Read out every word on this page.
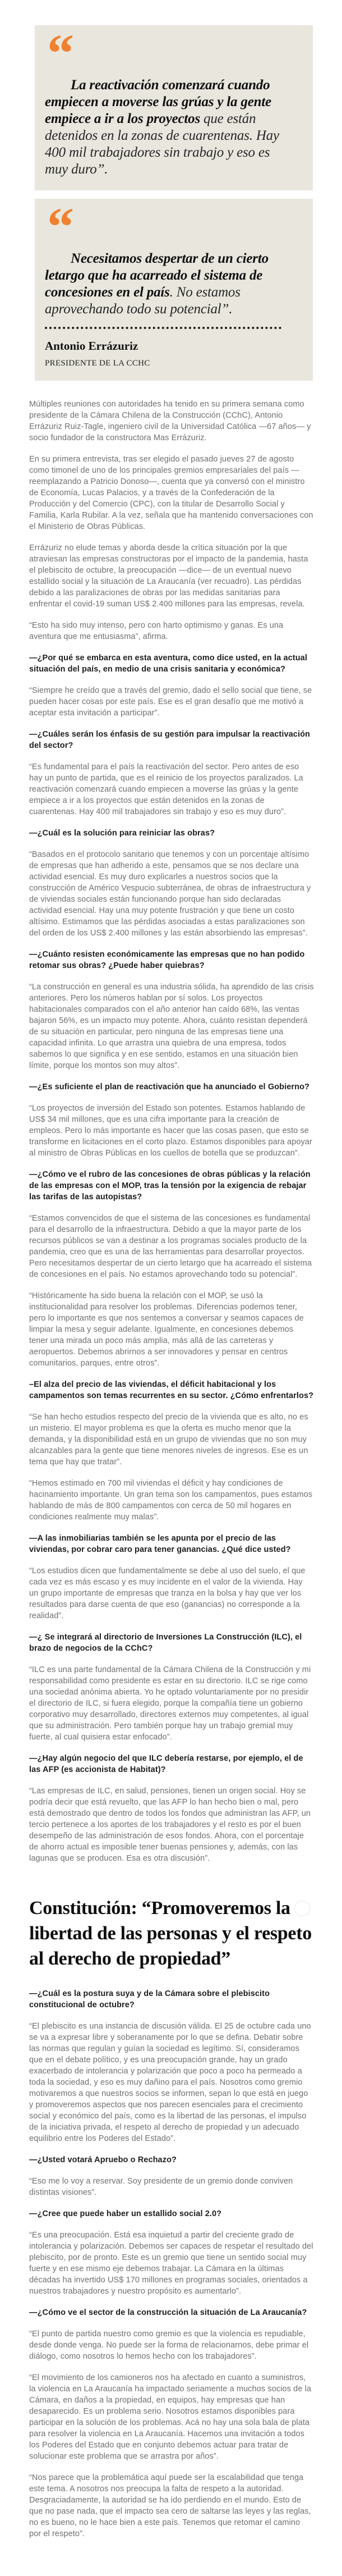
“

La reactivación comenzará cuando empiecen a moverse las grúas y la gente empiece a ir a los proyectos que están detenidos en la zonas de cuarentenas. Hay 400 mil trabajadores sin trabajo y eso es muy duro”.

“

Necesitamos despertar de un cierto letargo que ha acarreado el sistema de concesiones en el país. No estamos aprovechando todo su potencial”.

Antonio Errázuriz

PRESIDENTE DE LA CCHC

Múltiples reuniones con autoridades ha tenido en su primera semana como presidente de la Cámara Chilena de la Construcción (CChC), Antonio Errázuriz Ruiz-Tagle, ingeniero civil de la Universidad Católica —67 años— y socio fundador de la constructora Mas Errázuriz.

En su primera entrevista, tras ser elegido el pasado jueves 27 de agosto como timonel de uno de los principales gremios empresariales del país —reemplazando a Patricio Donoso—, cuenta que ya conversó con el ministro de Economía, Lucas Palacios, y a través de la Confederación de la Producción y del Comercio (CPC), con la titular de Desarrollo Social y Familia, Karla Rubilar. A la vez, señala que ha mantenido conversaciones con el Ministerio de Obras Públicas.

Errázuriz no elude temas y aborda desde la crítica situación por la que atraviesan las empresas constructoras por el impacto de la pandemia, hasta el plebiscito de octubre, la preocupación —dice— de un eventual nuevo estallido social y la situación de La Araucanía (ver recuadro). Las pérdidas debido a las paralizaciones de obras por las medidas sanitarias para enfrentar el covid-19 suman US$ 2.400 millones para las empresas, revela.

“Esto ha sido muy intenso, pero con harto optimismo y ganas. Es una aventura que me entusiasma”, afirma.

—¿Por qué se embarca en esta aventura, como dice usted, en la actual situación del país, en medio de una crisis sanitaria y económica?

“Siempre he creído que a través del gremio, dado el sello social que tiene, se pueden hacer cosas por este país. Ese es el gran desafío que me motivó a aceptar esta invitación a participar”.

—¿Cuáles serán los énfasis de su gestión para impulsar la reactivación del sector?

“Es fundamental para el país la reactivación del sector. Pero antes de eso hay un punto de partida, que es el reinicio de los proyectos paralizados. La reactivación comenzará cuando empiecen a moverse las grúas y la gente empiece a ir a los proyectos que están detenidos en la zonas de cuarentenas. Hay 400 mil trabajadores sin trabajo y eso es muy duro”.

—¿Cuál es la solución para reiniciar las obras?

“Basados en el protocolo sanitario que tenemos y con un porcentaje altísimo de empresas que han adherido a este, pensamos que se nos declare una actividad esencial. Es muy duro explicarles a nuestros socios que la construcción de Américo Vespucio subterránea, de obras de infraestructura y de viviendas sociales están funcionando porque han sido declaradas actividad esencial. Hay una muy potente frustración y que tiene un costo altísimo. Estimamos que las pérdidas asociadas a estas paralizaciones son del orden de los US$ 2.400 millones y las están absorbiendo las empresas”.

—¿Cuánto resisten económicamente las empresas que no han podido retomar sus obras? ¿Puede haber quiebras?

“La construcción en general es una industria sólida, ha aprendido de las crisis anteriores. Pero los números hablan por sí solos. Los proyectos habitacionales comparados con el año anterior han caído 68%, las ventas bajaron 56%, es un impacto muy potente. Ahora, cuánto resistan dependerá de su situación en particular, pero ninguna de las empresas tiene una capacidad infinita. Lo que arrastra una quiebra de una empresa, todos sabemos lo que significa y en ese sentido, estamos en una situación bien límite, porque los montos son muy altos”.

—¿Es suficiente el plan de reactivación que ha anunciado el Gobierno?

“Los proyectos de inversión del Estado son potentes. Estamos hablando de US$ 34 mil millones, que es una cifra importante para la creación de empleos. Pero lo más importante es hacer que las cosas pasen, que esto se transforme en licitaciones en el corto plazo. Estamos disponibles para apoyar al ministro de Obras Públicas en los cuellos de botella que se produzcan”.

—¿Cómo ve el rubro de las concesiones de obras públicas y la relación de las empresas con el MOP, tras la tensión por la exigencia de rebajar las tarifas de las autopistas?

“Estamos convencidos de que el sistema de las concesiones es fundamental para el desarrollo de la infraestructura. Debido a que la mayor parte de los recursos públicos se van a destinar a los programas sociales producto de la pandemia, creo que es una de las herramientas para desarrollar proyectos. Pero necesitamos despertar de un cierto letargo que ha acarreado el sistema de concesiones en el país. No estamos aprovechando todo su potencial”.

“Históricamente ha sido buena la relación con el MOP, se usó la institucionalidad para resolver los problemas. Diferencias podemos tener, pero lo importante es que nos sentemos a conversar y seamos capaces de limpiar la mesa y seguir adelante. Igualmente, en concesiones debemos tener una mirada un poco más amplia, más allá de las carreteras y aeropuertos. Debemos abrirnos a ser innovadores y pensar en centros comunitarios, parques, entre otros”.

–El alza del precio de las viviendas, el déficit habitacional y los campamentos son temas recurrentes en su sector. ¿Cómo enfrentarlos?

“Se han hecho estudios respecto del precio de la vivienda que es alto, no es un misterio. El mayor problema es que la oferta es mucho menor que la demanda, y la disponibilidad está en un grupo de viviendas que no son muy alcanzables para la gente que tiene menores niveles de ingresos. Ese es un tema que hay que tratar”.

“Hemos estimado en 700 mil viviendas el déficit y hay condiciones de hacinamiento importante. Un gran tema son los campamentos, pues estamos hablando de más de 800 campamentos con cerca de 50 mil hogares en condiciones realmente muy malas”.

—A las inmobiliarias también se les apunta por el precio de las viviendas, por cobrar caro para tener ganancias. ¿Qué dice usted?

“Los estudios dicen que fundamentalmente se debe al uso del suelo, el que cada vez es más escaso y es muy incidente en el valor de la vivienda. Hay un grupo importante de empresas que tranza en la bolsa y hay que ver los resultados para darse cuenta de que eso (ganancias) no corresponde a la realidad”.

—¿ Se integrará al directorio de Inversiones La Construcción (ILC), el brazo de negocios de la CChC?

“ILC es una parte fundamental de la Cámara Chilena de la Construcción y mi responsabilidad como presidente es estar en su directorio. ILC se rige como una sociedad anónima abierta. Yo he optado voluntariamente por no presidir el directorio de ILC, si fuera elegido, porque la compañía tiene un gobierno corporativo muy desarrollado, directores externos muy competentes, al igual que su administración. Pero también porque hay un trabajo gremial muy fuerte, al cual quisiera estar enfocado”.

—¿Hay algún negocio del que ILC debería restarse, por ejemplo, el de las AFP (es accionista de Habitat)?

“Las empresas de ILC, en salud, pensiones, tienen un origen social. Hoy se podría decir que está revuelto, que las AFP lo han hecho bien o mal, pero está demostrado que dentro de todos los fondos que administran las AFP, un tercio pertenece a los aportes de los trabajadores y el resto es por el buen desempeño de las administración de esos fondos. Ahora, con el porcentaje de ahorro actual es imposible tener buenas pensiones y, además, con las lagunas que se producen. Esa es otra discusión”.

Constitución: “Promoveremos la libertad de las personas y el respeto al derecho de propiedad”

—¿Cuál es la postura suya y de la Cámara sobre el plebiscito constitucional de octubre?

“El plebiscito es una instancia de discusión válida. El 25 de octubre cada uno se va a expresar libre y soberanamente por lo que se defina. Debatir sobre las normas que regulan y guían la sociedad es legítimo. Sí, consideramos que en el debate político, y es una preocupación grande, hay un grado exacerbado de intolerancia y polarización que poco a poco ha permeado a toda la sociedad, y eso es muy dañino para el país. Nosotros como gremio motivaremos a que nuestros socios se informen, sepan lo que está en juego y promoveremos aspectos que nos parecen esenciales para el crecimiento social y económico del país, como es la libertad de las personas, el impulso de la iniciativa privada, el respeto al derecho de propiedad y un adecuado equilibrio entre los Poderes del Estado”.

—¿Usted votará Apruebo o Rechazo?

“Eso me lo voy a reservar. Soy presidente de un gremio donde conviven distintas visiones”.

—¿Cree que puede haber un estallido social 2.0?

“Es una preocupación. Está esa inquietud a partir del creciente grado de intolerancia y polarización. Debemos ser capaces de respetar el resultado del plebiscito, por de pronto. Este es un gremio que tiene un sentido social muy fuerte y en ese mismo eje debemos trabajar. La Cámara en la últimas décadas ha invertido US$ 170 millones en programas sociales, orientados a nuestros trabajadores y nuestro propósito es aumentarlo”.

—¿Cómo ve el sector de la construcción la situación de La Araucanía?

“El punto de partida nuestro como gremio es que la violencia es repudiable, desde donde venga. No puede ser la forma de relacionarnos, debe primar el diálogo, como nosotros lo hemos hecho con los trabajadores”.

“El movimiento de los camioneros nos ha afectado en cuanto a suministros, la violencia en La Araucanía ha impactado seriamente a muchos socios de la Cámara, en daños a la propiedad, en equipos, hay empresas que han desaparecido. Es un problema serio. Nosotros estamos disponibles para participar en la solución de los problemas. Acá no hay una sola bala de plata para resolver la violencia en La Araucanía. Hacemos una invitación a todos los Poderes del Estado que en conjunto debemos actuar para tratar de solucionar este problema que se arrastra por años”.

“Nos parece que la problemática aquí puede ser la escalabilidad que tenga este tema. A nosotros nos preocupa la falta de respeto a la autoridad. Desgraciadamente, la autoridad se ha ido perdiendo en el mundo. Esto de que no pase nada, que el impacto sea cero de saltarse las leyes y las reglas, no es bueno, no le hace bien a este país. Tenemos que retomar el camino por el respeto”.
